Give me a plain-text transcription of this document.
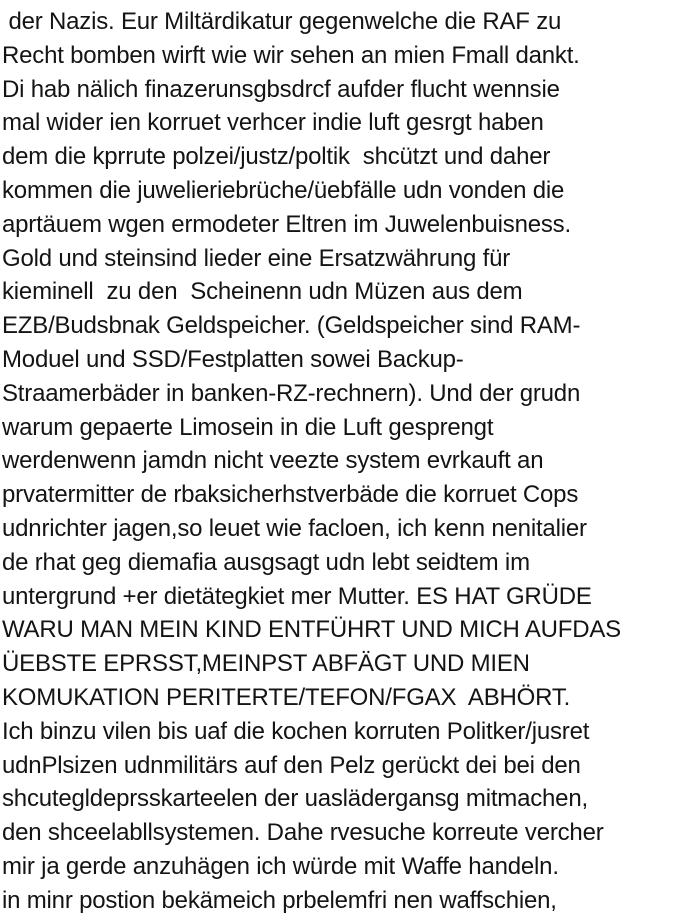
der Nazis. Eur Miltärdikatur gegenwelche die RAF zu
Recht bomben wirft wie wir sehen an mien Fmall dankt.
Di hab nälich finazerunsgbsdrcf aufder flucht wennsie
mal wider ien korruet verhcer indie luft gesrgt haben
dem die kprrute polzei/justz/poltik  shcützt und daher
kommen die juwelieriebrüche/üebfälle udn vonden die
aprtäuem wgen ermodeter Eltren im Juwelenbuisness.
Gold und steinsind lieder eine Ersatzwährung für
kieminell  zu den  Scheinenn udn Müzen aus dem
EZB/Budsbnak Geldspeicher. (Geldspeicher sind RAM-
Moduel und SSD/Festplatten sowei Backup-
Straamerbäder in banken-RZ-rechnern). Und der grudn
warum gepaerte Limosein in die Luft gesprengt
werdenwenn jamdn nicht veezte system evrkauft an
prvatermitter de rbaksicherhstverbäde die korruet Cops
udnrichter jagen,so leuet wie facloen, ich kenn nenitalier
de rhat geg diemafia ausgsagt udn lebt seidtem im
untergrund +er dietätegkiet mer Mutter. ES HAT GRÜDE
WARU MAN MEIN KIND ENTFÜHRT UND MICH AUFDAS
ÜEBSTE EPRSST,MEINPST ABFÄGT UND MIEN
KOMUKATION PERITERTE/TEFON/FGAX  ABHÖRT.
Ich binzu vilen bis uaf die kochen korruten Politker/jusret
udnPlsizen udnmilitärs auf den Pelz gerückt dei bei den
shcutegldeprsskarteelen der uaslädergansg mitmachen,
den shceelabllsystemen. Dahe rvesuche korreute vercher
mir ja gerde anzuhägen ich würde mit Waffe handeln.
in minr postion bekämeich prbelemfri nen waffschien,
